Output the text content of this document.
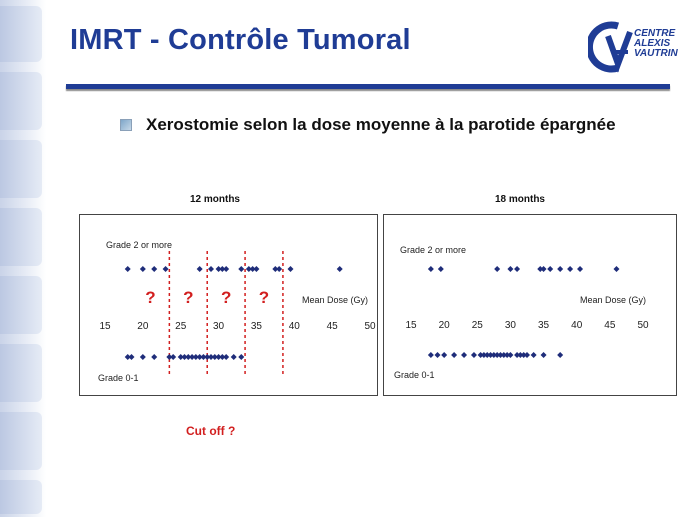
IMRT - Contrôle Tumoral	CENTRE
ALEXIS
VAUTRIN
Xerostomie selon la dose moyenne à la parotide épargnée
12 months	18 months
Grade 2 or more
Grade 0-1
Mean Dose (Gy)
? ? ? ?
15	20	25	30	35	40	45	50
Grade 2 or more
Grade 0-1
Mean Dose (Gy)
15 20 25 30 35 40 45 50
Cut off ?
